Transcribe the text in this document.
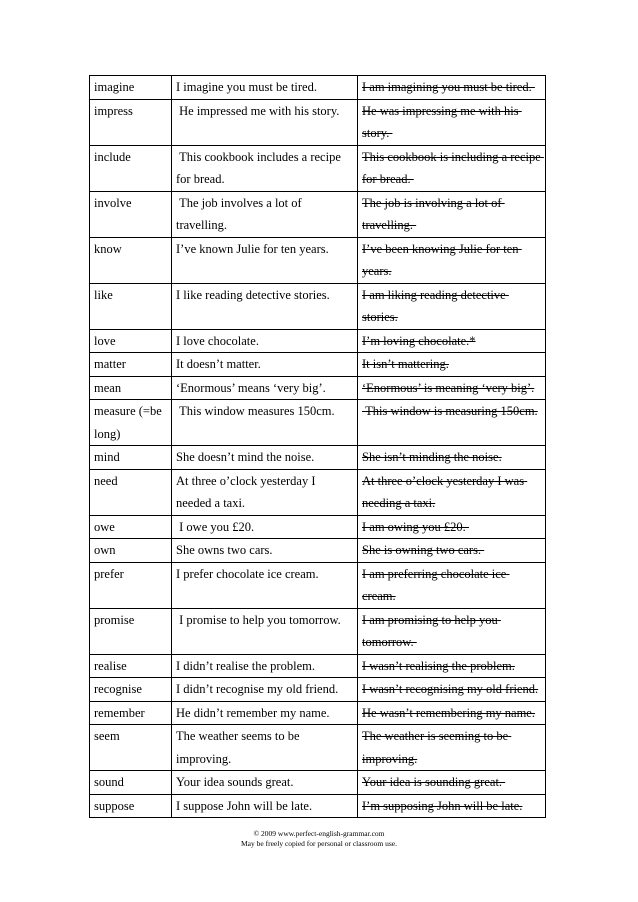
imagine	I imagine you must be tired.	I am imagining you must be tired.
impress	He impressed me with his story.	He was impressing me with his story.
include	This cookbook includes a recipe for bread.	This cookbook is including a recipe for bread.
involve	The job involves a lot of travelling.	The job is involving a lot of travelling.
know	I’ve known Julie for ten years.	I’ve been knowing Julie for ten years.
like	I like reading detective stories.	I am liking reading detective stories.
love	I love chocolate.	I’m loving chocolate.*
matter	It doesn’t matter.	It isn’t mattering.
mean	‘Enormous’ means ‘very big’.	‘Enormous’ is meaning ‘very big’.
measure (=be long)	This window measures 150cm.	This window is measuring 150cm.
mind	She doesn’t mind the noise.	She isn’t minding the noise.
need	At three o’clock yesterday I needed a taxi.	At three o’clock yesterday I was needing a taxi.
owe	I owe you £20.	I am owing you £20.
own	She owns two cars.	She is owning two cars.
prefer	I prefer chocolate ice cream.	I am preferring chocolate ice cream.
promise	I promise to help you tomorrow.	I am promising to help you tomorrow.
realise	I didn’t realise the problem.	I wasn’t realising the problem.
recognise	I didn’t recognise my old friend.	I wasn’t recognising my old friend.
remember	He didn’t remember my name.	He wasn’t remembering my name.
seem	The weather seems to be improving.	The weather is seeming to be improving.
sound	Your idea sounds great.	Your idea is sounding great.
suppose	I suppose John will be late.	I’m supposing John will be late.
© 2009 www.perfect-english-grammar.com
May be freely copied for personal or classroom use.
